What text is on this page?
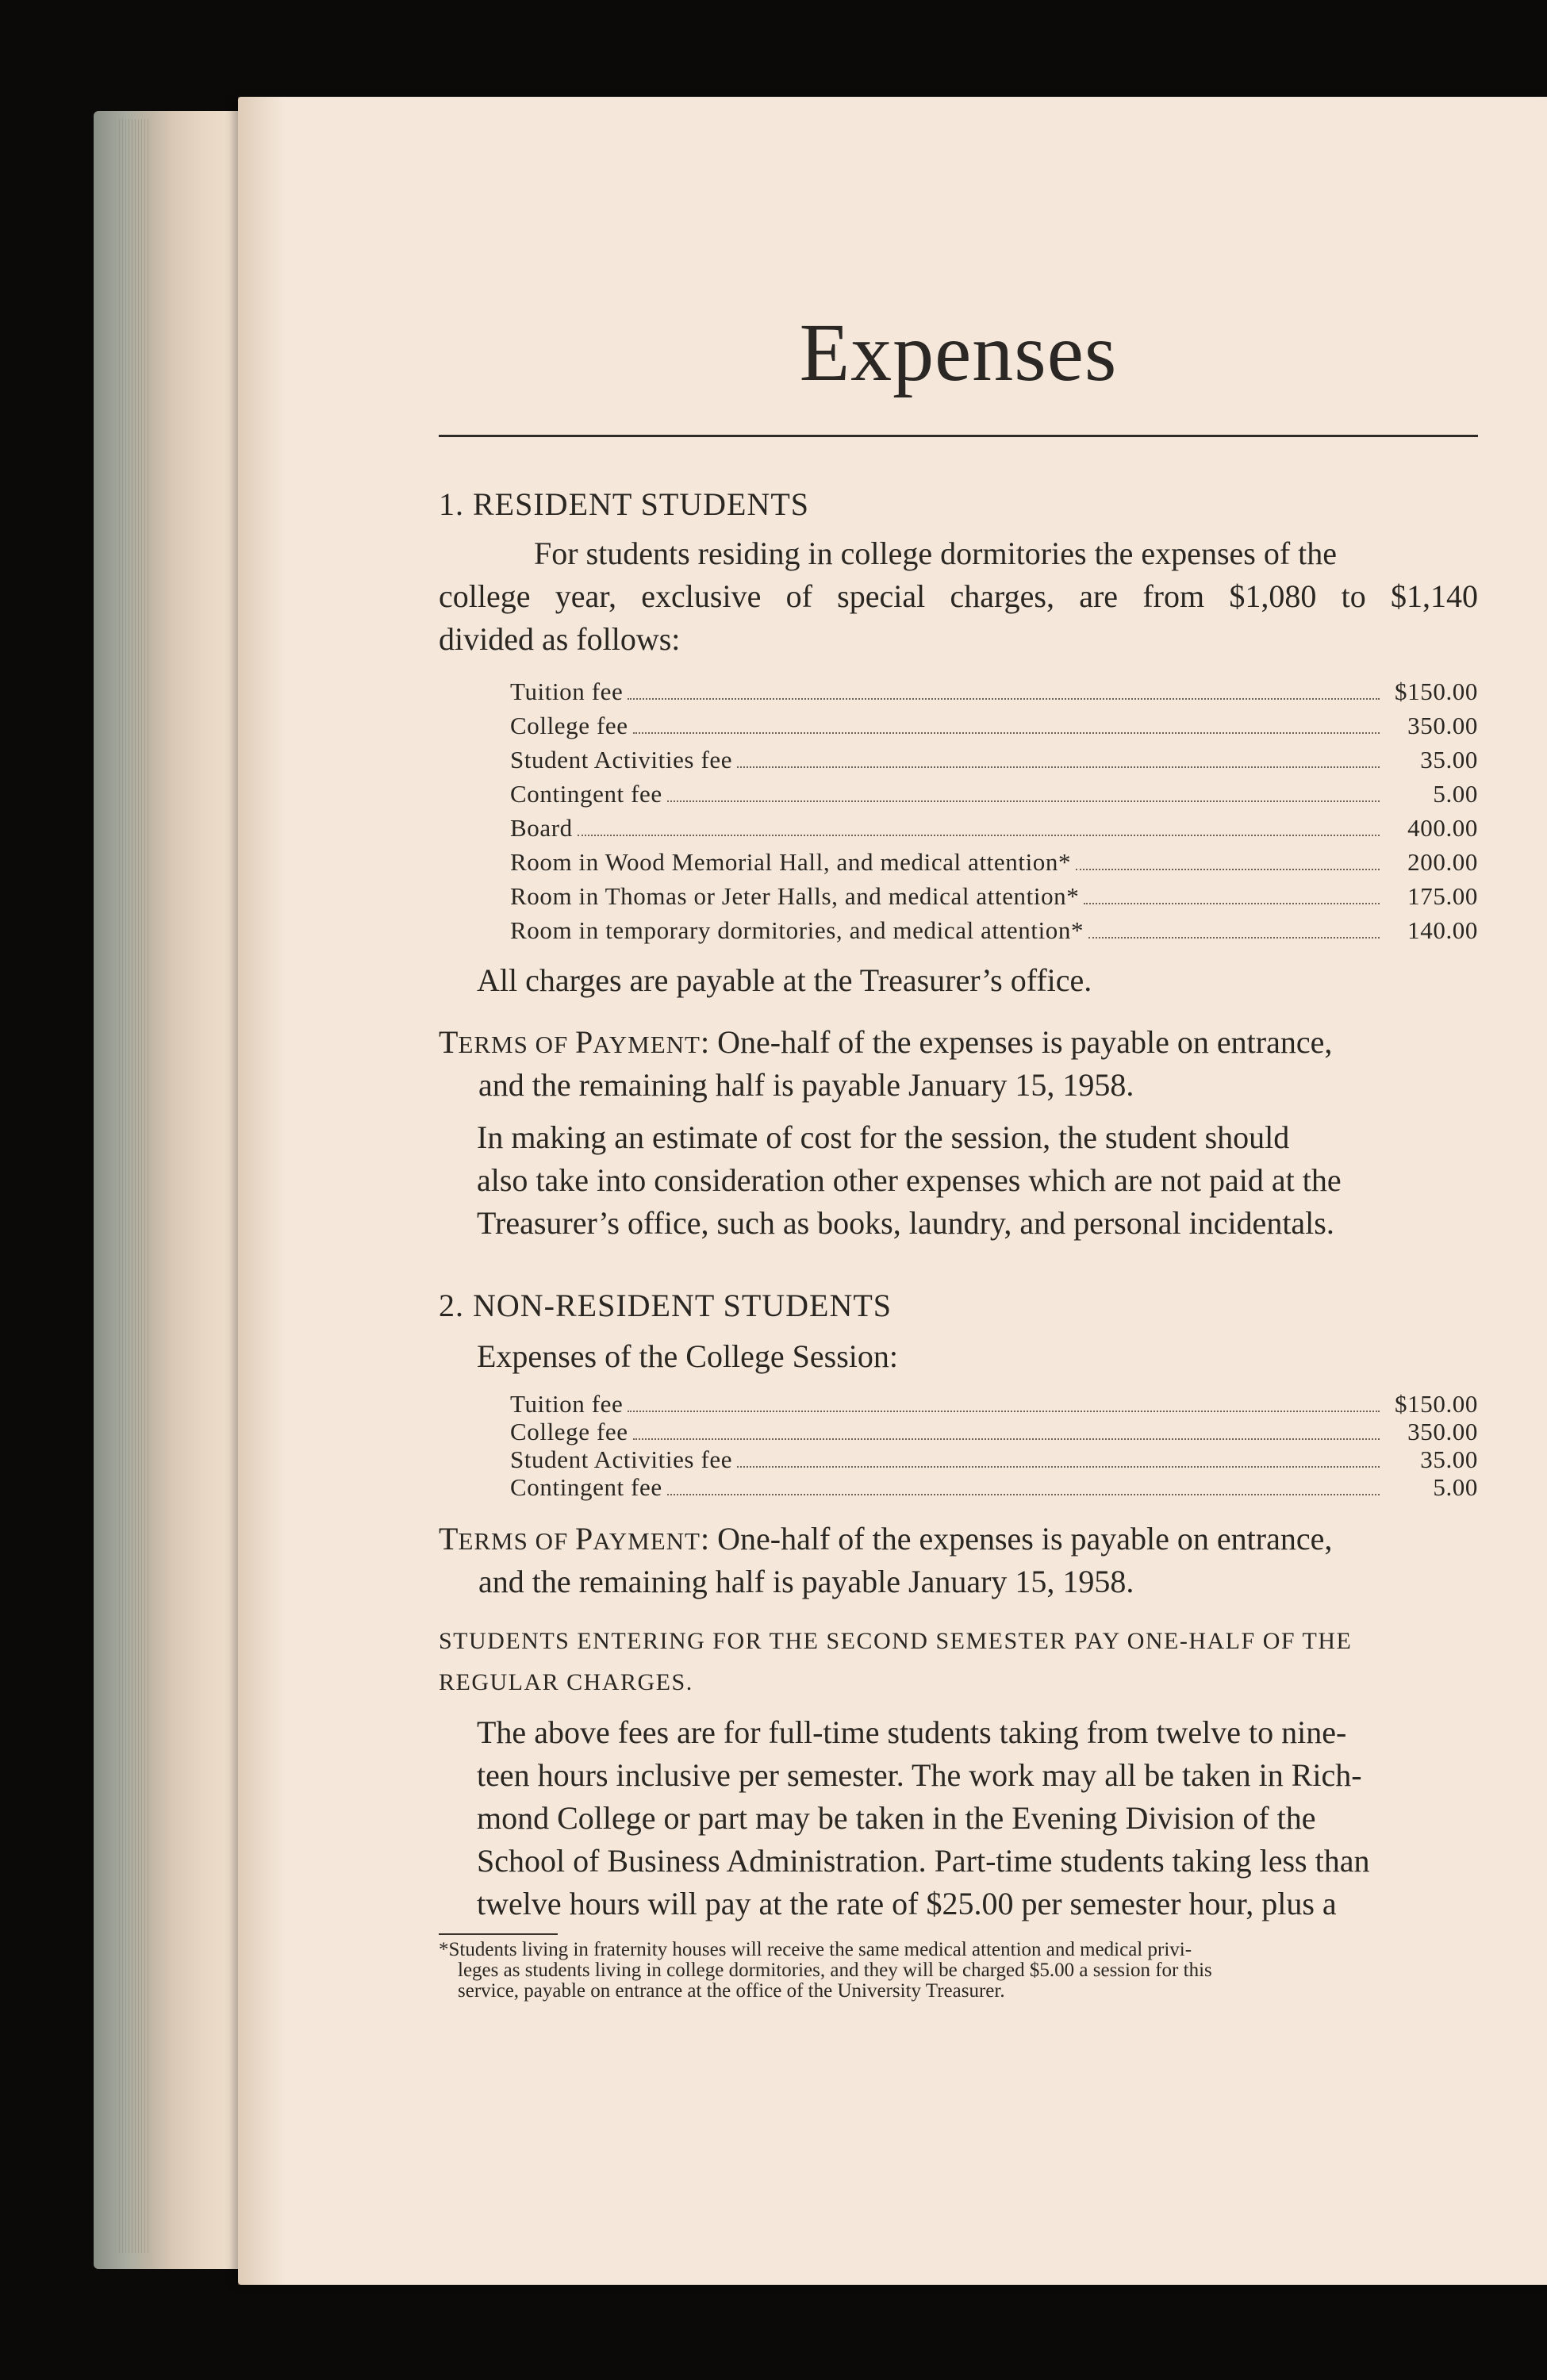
Expenses
1. RESIDENT STUDENTS
For students residing in college dormitories the expenses of the
college year, exclusive of special charges, are from $1,080 to $1,140
divided as follows:
Tuition fee	$150.00
College fee	350.00
Student Activities fee	35.00
Contingent fee	5.00
Board	400.00
Room in Wood Memorial Hall, and medical attention*	200.00
Room in Thomas or Jeter Halls, and medical attention*	175.00
Room in temporary dormitories, and medical attention*	140.00
All charges are payable at the Treasurer’s office.
TERMS OF PAYMENT: One-half of the expenses is payable on entrance,
and the remaining half is payable January 15, 1958.
In making an estimate of cost for the session, the student should
also take into consideration other expenses which are not paid at the
Treasurer’s office, such as books, laundry, and personal incidentals.
2. NON-RESIDENT STUDENTS
Expenses of the College Session:
Tuition fee	$150.00
College fee	350.00
Student Activities fee	35.00
Contingent fee	5.00
TERMS OF PAYMENT: One-half of the expenses is payable on entrance,
and the remaining half is payable January 15, 1958.
STUDENTS ENTERING FOR THE SECOND SEMESTER PAY ONE-HALF OF THE
REGULAR CHARGES.
The above fees are for full-time students taking from twelve to nine-
teen hours inclusive per semester. The work may all be taken in Rich-
mond College or part may be taken in the Evening Division of the
School of Business Administration. Part-time students taking less than
twelve hours will pay at the rate of $25.00 per semester hour, plus a
*Students living in fraternity houses will receive the same medical attention and medical privi-
leges as students living in college dormitories, and they will be charged $5.00 a session for this
service, payable on entrance at the office of the University Treasurer.
